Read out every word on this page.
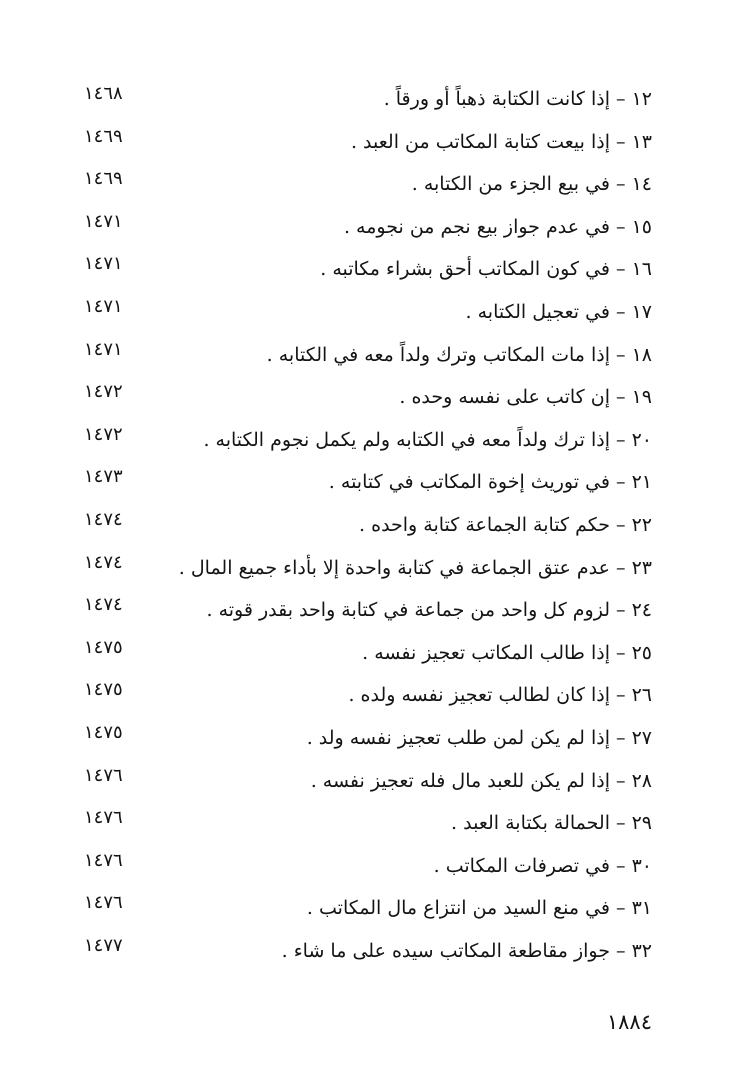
١٢ – إذا كانت الكتابة ذهباً أو ورقاً .
١٤٦٨
١٣ – إذا بيعت كتابة المكاتب من العبد .
١٤٦٩
١٤ – في بيع الجزء من الكتابه .
١٤٦٩
١٥ – في عدم جواز بيع نجم من نجومه .
١٤٧١
١٦ – في كون المكاتب أحق بشراء مكاتبه .
١٤٧١
١٧ – في تعجيل الكتابه .
١٤٧١
١٨ – إذا مات المكاتب وترك ولداً معه في الكتابه .
١٤٧١
١٩ – إن كاتب على نفسه وحده .
١٤٧٢
٢٠ – إذا ترك ولداً معه في الكتابه ولم يكمل نجوم الكتابه .
١٤٧٢
٢١ – في توريث إخوة المكاتب في كتابته .
١٤٧٣
٢٢ – حكم كتابة الجماعة كتابة واحده .
١٤٧٤
٢٣ – عدم عتق الجماعة في كتابة واحدة إلا بأداء جميع المال .
١٤٧٤
٢٤ – لزوم كل واحد من جماعة في كتابة واحد بقدر قوته .
١٤٧٤
٢٥ – إذا طالب المكاتب تعجيز نفسه .
١٤٧٥
٢٦ – إذا كان لطالب تعجيز نفسه ولده .
١٤٧٥
٢٧ – إذا لم يكن لمن طلب تعجيز نفسه ولد .
١٤٧٥
٢٨ – إذا لم يكن للعبد مال فله تعجيز نفسه .
١٤٧٦
٢٩ – الحمالة بكتابة العبد .
١٤٧٦
٣٠ – في تصرفات المكاتب .
١٤٧٦
٣١ – في منع السيد من انتزاع مال المكاتب .
١٤٧٦
٣٢ – جواز مقاطعة المكاتب سيده على ما شاء .
١٤٧٧
١٨٨٤
